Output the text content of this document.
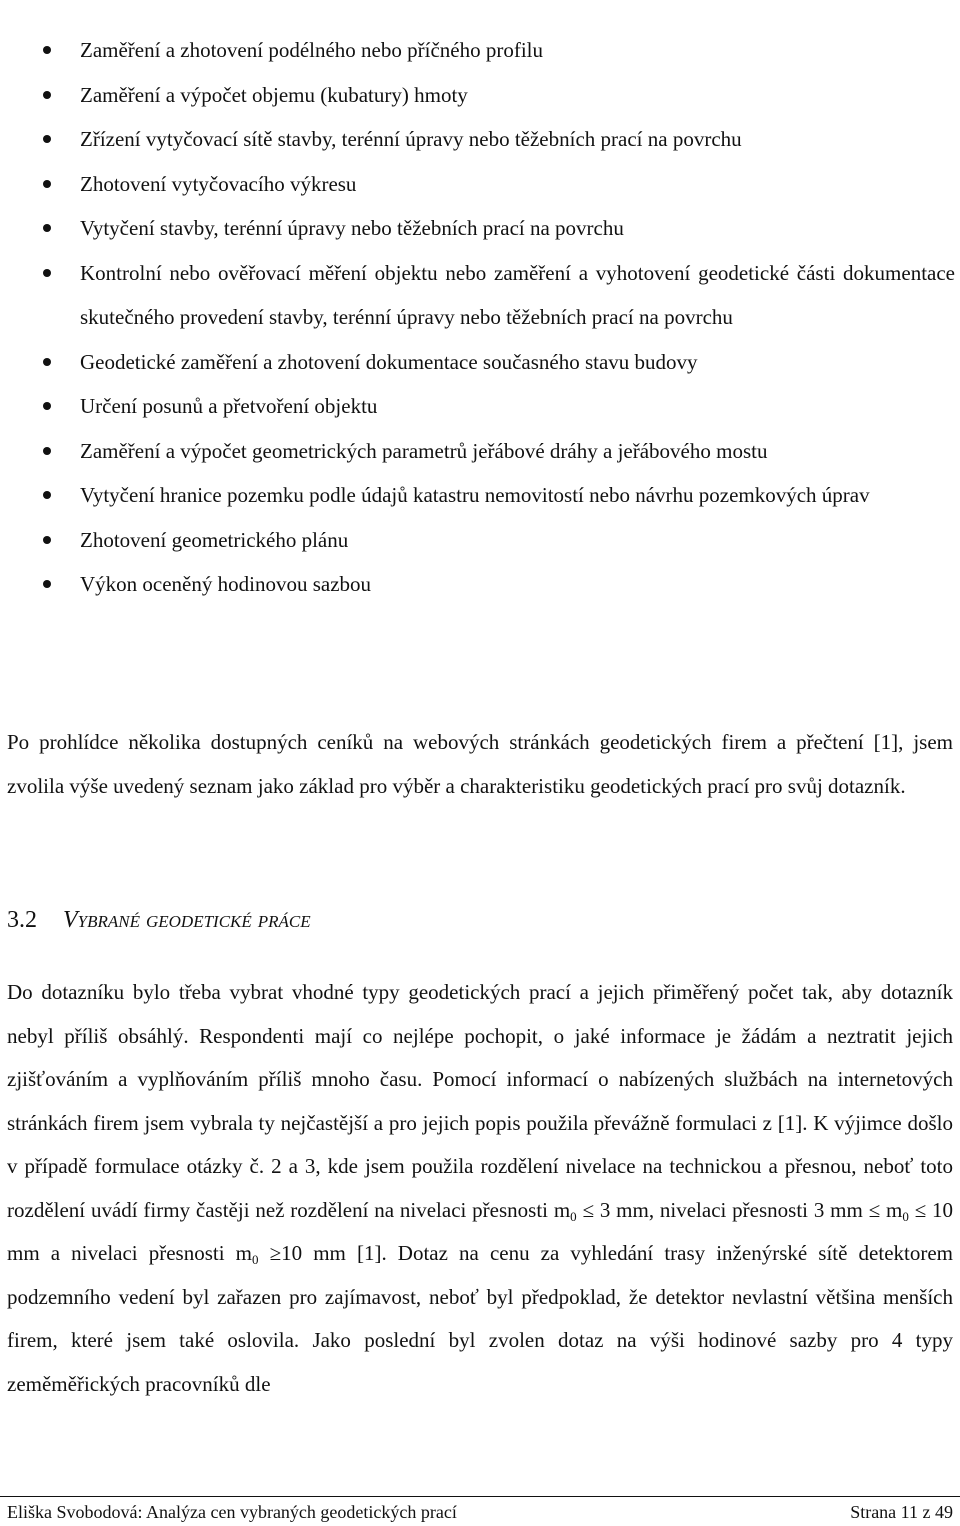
Zaměření a zhotovení podélného nebo příčného profilu
Zaměření a výpočet objemu (kubatury) hmoty
Zřízení vytyčovací sítě stavby, terénní úpravy nebo těžebních prací na povrchu
Zhotovení vytyčovacího výkresu
Vytyčení stavby, terénní úpravy nebo těžebních prací na povrchu
Kontrolní nebo ověřovací měření objektu nebo zaměření a vyhotovení geodetické části dokumentace skutečného provedení stavby, terénní úpravy nebo těžebních prací na povrchu
Geodetické zaměření a zhotovení dokumentace současného stavu budovy
Určení posunů a přetvoření objektu
Zaměření a výpočet geometrických parametrů jeřábové dráhy a jeřábového mostu
Vytyčení hranice pozemku podle údajů katastru nemovitostí nebo návrhu pozemkových úprav
Zhotovení geometrického plánu
Výkon oceněný hodinovou sazbou

Po prohlídce několika dostupných ceníků na webových stránkách geodetických firem a přečtení [1], jsem zvolila výše uvedený seznam jako základ pro výběr a charakteristiku geodetických prací pro svůj dotazník.

3.2 Vybrané geodetické práce

Do dotazníku bylo třeba vybrat vhodné typy geodetických prací a jejich přiměřený počet tak, aby dotazník nebyl příliš obsáhlý. Respondenti mají co nejlépe pochopit, o jaké informace je žádám a neztratit jejich zjišťováním a vyplňováním příliš mnoho času. Pomocí informací o nabízených službách na internetových stránkách firem jsem vybrala ty nejčastější a pro jejich popis použila převážně formulaci z [1]. K výjimce došlo v případě formulace otázky č. 2 a 3, kde jsem použila rozdělení nivelace na technickou a přesnou, neboť toto rozdělení uvádí firmy častěji než rozdělení na nivelaci přesnosti $m_0 \le 3$ mm, nivelaci přesnosti 3 mm ≤ $m_0 \le 10$ mm a nivelaci přesnosti $m_0 \ge 10$ mm [1]. Dotaz na cenu za vyhledání trasy inženýrské sítě detektorem podzemního vedení byl zařazen pro zajímavost, neboť byl předpoklad, že detektor nevlastní většina menších firem, které jsem také oslovila. Jako poslední byl zvolen dotaz na výši hodinové sazby pro 4 typy zeměměřických pracovníků dle

Eliška Svobodová: Analýza cen vybraných geodetických prací	Strana 11 z 49
